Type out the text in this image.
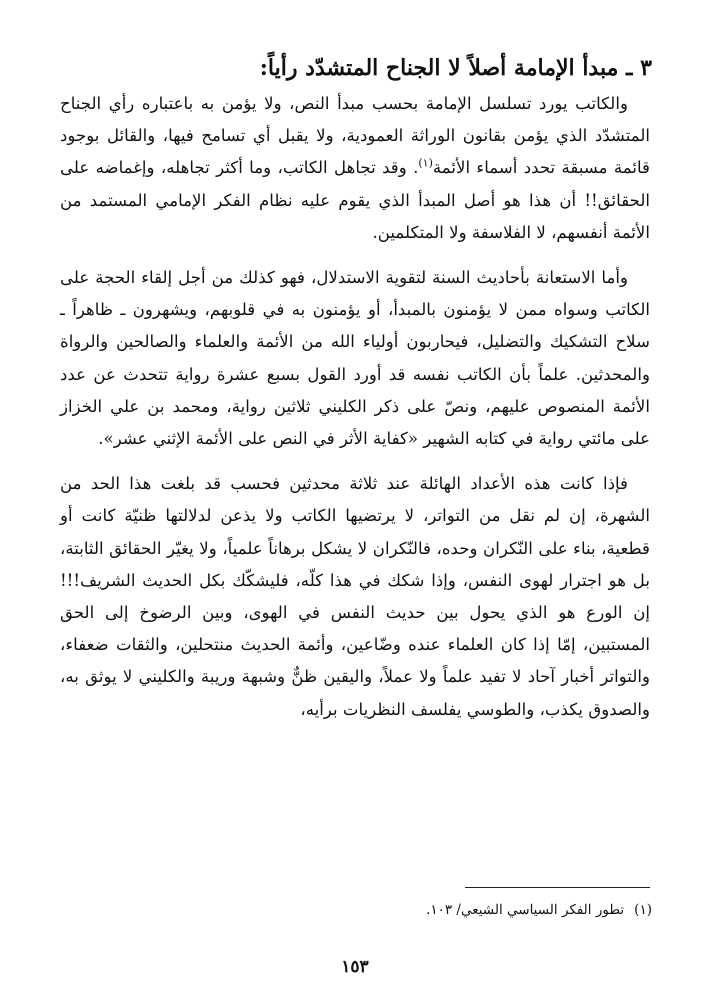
٣ ـ مبدأ الإمامة أصلاً لا الجناح المتشدّد رأياً:

والكاتب يورد تسلسل الإمامة بحسب مبدأ النص، ولا يؤمن به باعتباره رأي الجناح المتشدّد الذي يؤمن بقانون الوراثة العمودية، ولا يقبل أي تسامح فيها، والقائل بوجود قائمة مسبقة تحدد أسماء الأئمة$^{(١)}$. وقد تجاهل الكاتب، وما أكثر تجاهله، وإغماضه على الحقائق!! أن هذا هو أصل المبدأ الذي يقوم عليه نظام الفكر الإمامي المستمد من الأئمة أنفسهم، لا الفلاسفة ولا المتكلمين.

وأما الاستعانة بأحاديث السنة لتقوية الاستدلال، فهو كذلك من أجل إلقاء الحجة على الكاتب وسواه ممن لا يؤمنون بالمبدأ، أو يؤمنون به في قلوبهم، ويشهرون ـ ظاهراً ـ سلاح التشكيك والتضليل، فيحاربون أولياء الله من الأئمة والعلماء والصالحين والرواة والمحدثين. علماً بأن الكاتب نفسه قد أورد القول بسبع عشرة رواية تتحدث عن عدد الأئمة المنصوص عليهم، ونصّ على ذكر الكليني ثلاثين رواية، ومحمد بن علي الخزاز على مائتي رواية في كتابه الشهير «كفاية الأثر في النص على الأئمة الإثني عشر».

فإذا كانت هذه الأعداد الهائلة عند ثلاثة محدثين فحسب قد بلغت هذا الحد من الشهرة، إن لم نقل من التواتر، لا يرتضيها الكاتب ولا يذعن لدلالتها ظنيّة كانت أو قطعية، بناء على النّكران وحده، فالنّكران لا يشكل برهاناً علمياً، ولا يغيّر الحقائق الثابتة، بل هو اجترار لهوى النفس، وإذا شكك في هذا كلّه، فليشكّك بكل الحديث الشريف!!! إن الورع هو الذي يحول بين حديث النفس في الهوى، وبين الرضوخ إلى الحق المستبين، إمّا إذا كان العلماء عنده وضّاعين، وأئمة الحديث منتحلين، والثقات ضعفاء، والتواتر أخبار آحاد لا تفيد علماً ولا عملاً، واليقين ظنٌّ وشبهة وريبة والكليني لا يوثق به، والصدوق يكذب، والطوسي يفلسف النظريات برأيه،

(١)تطور الفكر السياسي الشيعي/ ١٠٣.

١٥٣
